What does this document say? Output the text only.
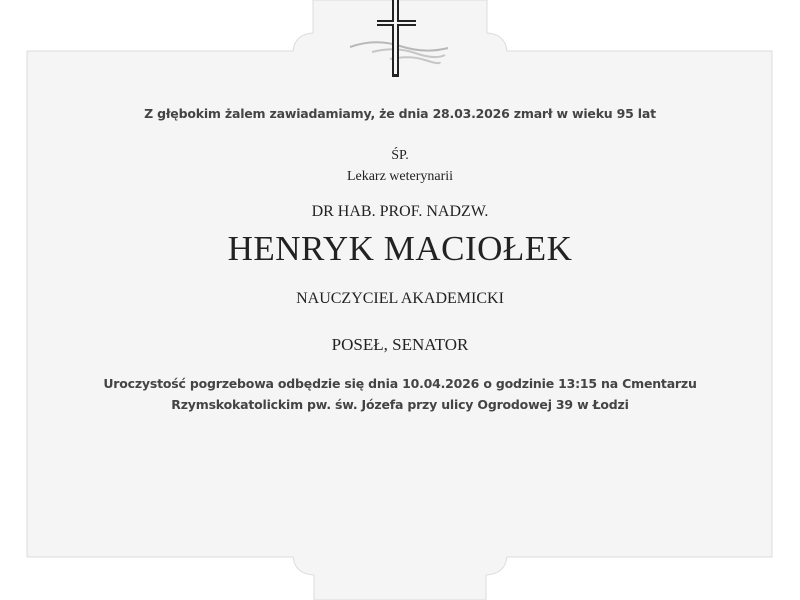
Z głębokim żalem zawiadamiamy, że dnia 28.03.2026 zmarł w wieku 95 lat
ŚP.
Lekarz weterynarii
DR HAB. PROF. NADZW.
HENRYK MACIOŁEK
NAUCZYCIEL AKADEMICKI
POSEŁ, SENATOR
Uroczystość pogrzebowa odbędzie się dnia 10.04.2026 o godzinie 13:15 na Cmentarzu
Rzymskokatolickim pw. św. Józefa przy ulicy Ogrodowej 39 w Łodzi
